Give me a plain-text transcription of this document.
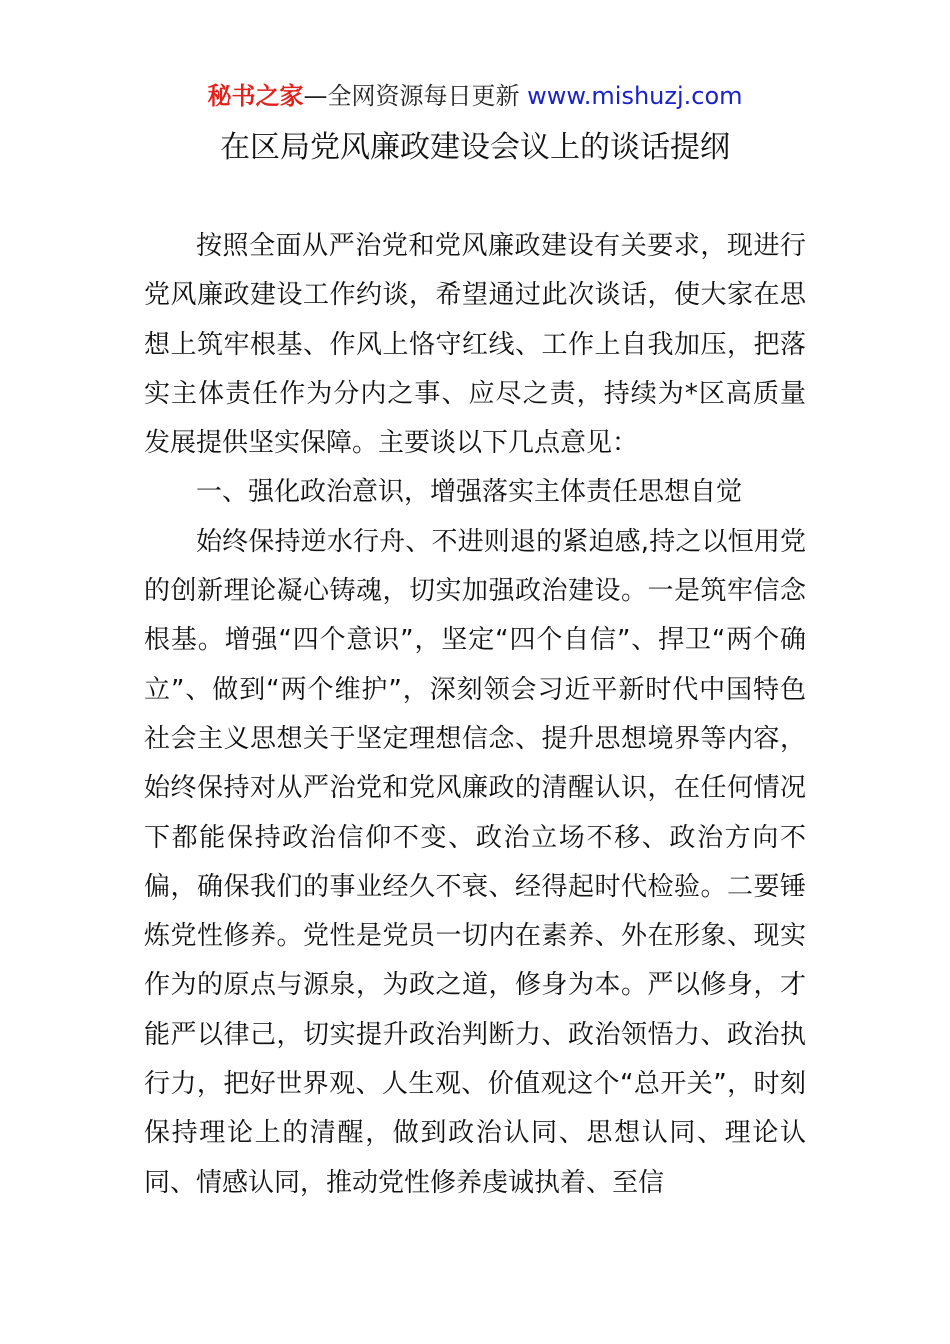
秘书之家—全网资源每日更新 www.mishuzj.com
在区局党风廉政建设会议上的谈话提纲

按照全面从严治党和党风廉政建设有关要求，现进行党风廉政建设工作约谈，希望通过此次谈话，使大家在思想上筑牢根基、作风上恪守红线、工作上自我加压，把落实主体责任作为分内之事、应尽之责，持续为*区高质量发展提供坚实保障。主要谈以下几点意见：

一、强化政治意识，增强落实主体责任思想自觉

始终保持逆水行舟、不进则退的紧迫感,持之以恒用党的创新理论凝心铸魂，切实加强政治建设。一是筑牢信念根基。增强“四个意识”，坚定“四个自信”、捍卫“两个确立”、做到“两个维护”，深刻领会习近平新时代中国特色社会主义思想关于坚定理想信念、提升思想境界等内容，始终保持对从严治党和党风廉政的清醒认识，在任何情况下都能保持政治信仰不变、政治立场不移、政治方向不偏，确保我们的事业经久不衰、经得起时代检验。二要锤炼党性修养。党性是党员一切内在素养、外在形象、现实作为的原点与源泉，为政之道，修身为本。严以修身，才能严以律己，切实提升政治判断力、政治领悟力、政治执行力，把好世界观、人生观、价值观这个“总开关”，时刻保持理论上的清醒，做到政治认同、思想认同、理论认同、情感认同，推动党性修养虔诚执着、至信
